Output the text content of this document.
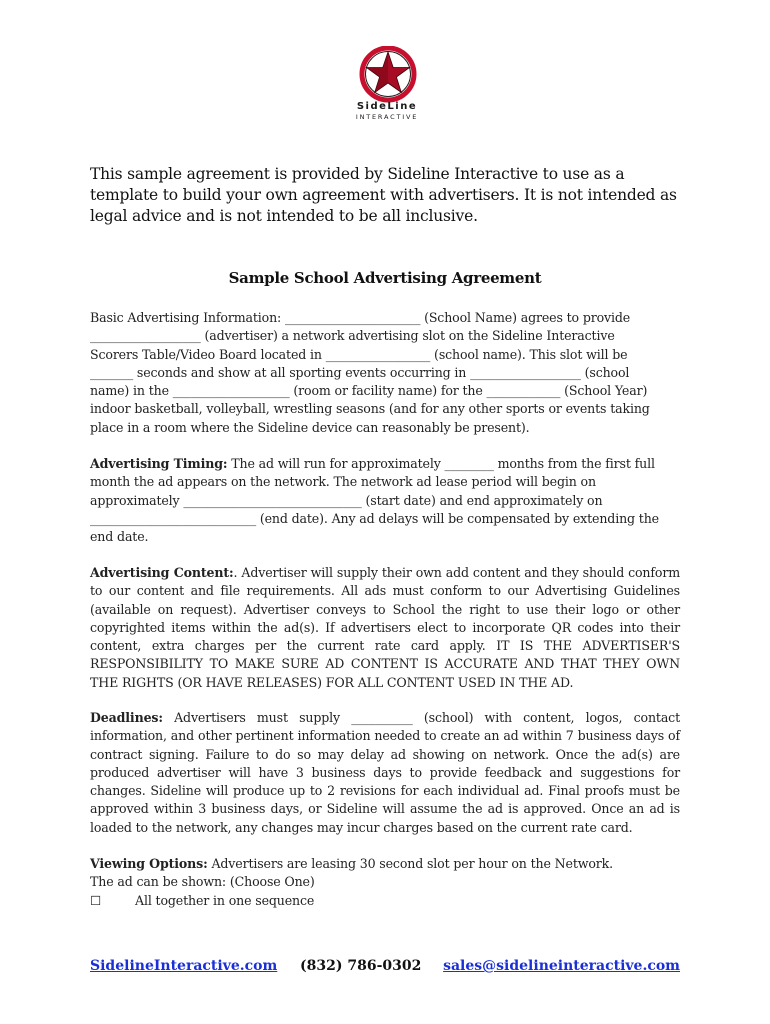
SideLine
INTERACTIVE
This sample agreement is provided by Sideline Interactive to use as a template to build your own agreement with advertisers. It is not intended as legal advice and is not intended to be all inclusive.
Sample School Advertising Agreement
Basic Advertising Information: ______________________ (School Name) agrees to provide
__________________ (advertiser) a network advertising slot on the Sideline Interactive
Scorers Table/Video Board located in _________________ (school name). This slot will be
_______ seconds and show at all sporting events occurring in __________________ (school
name) in the ___________________ (room or facility name) for the ____________ (School Year)
indoor basketball, volleyball, wrestling seasons (and for any other sports or events taking
place in a room where the Sideline device can reasonably be present).
Advertising Timing: The ad will run for approximately ________ months from the first full
month the ad appears on the network. The network ad lease period will begin on
approximately _____________________________ (start date) and end approximately on
___________________________ (end date). Any ad delays will be compensated by extending the
end date.
Advertising Content:. Advertiser will supply their own add content and they should conform to our content and file requirements. All ads must conform to our Advertising Guidelines (available on request). Advertiser conveys to School the right to use their logo or other copyrighted items within the ad(s). If advertisers elect to incorporate QR codes into their content, extra charges per the current rate card apply. IT IS THE ADVERTISER'S RESPONSIBILITY TO MAKE SURE AD CONTENT IS ACCURATE AND THAT THEY OWN THE RIGHTS (OR HAVE RELEASES) FOR ALL CONTENT USED IN THE AD.
Deadlines: Advertisers must supply __________ (school) with content, logos, contact information, and other pertinent information needed to create an ad within 7 business days of contract signing. Failure to do so may delay ad showing on network. Once the ad(s) are produced advertiser will have 3 business days to provide feedback and suggestions for changes. Sideline will produce up to 2 revisions for each individual ad. Final proofs must be approved within 3 business days, or Sideline will assume the ad is approved. Once an ad is loaded to the network, any changes may incur charges based on the current rate card.
Viewing Options: Advertisers are leasing 30 second slot per hour on the Network.
The ad can be shown: (Choose One)
☐	All together in one sequence
SidelineInteractive.com (832) 786-0302 sales@sidelineinteractive.com
